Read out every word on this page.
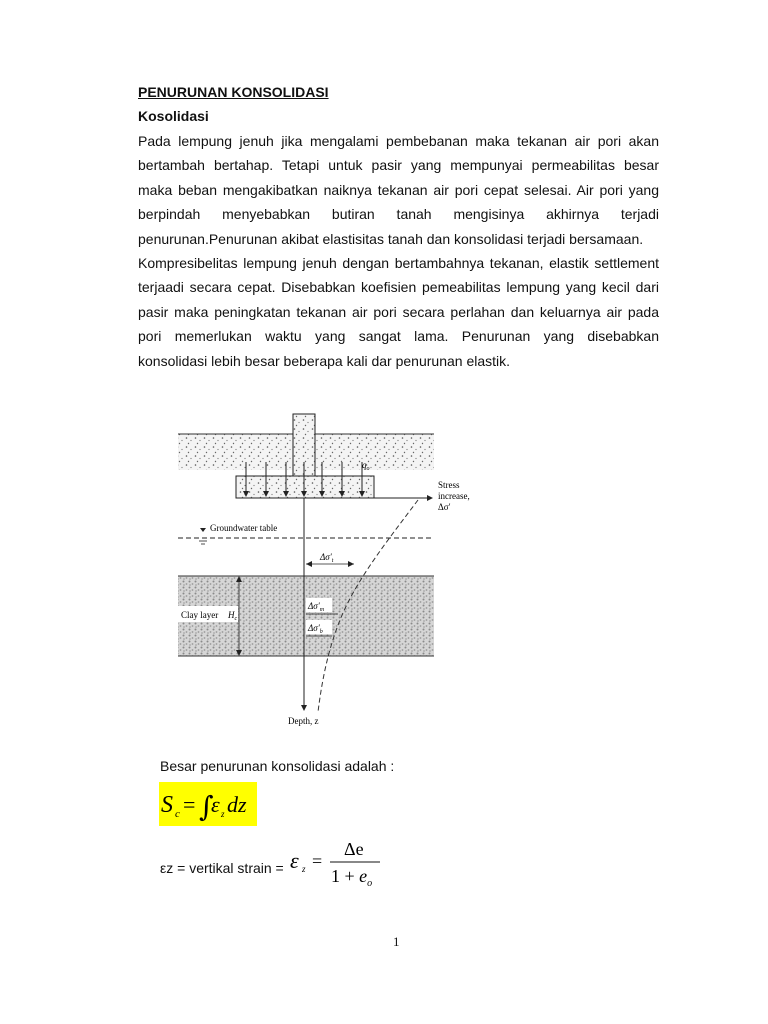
PENURUNAN KONSOLIDASI
Kosolidasi
Pada lempung jenuh jika mengalami pembebanan maka tekanan air pori akan
bertambah bertahap. Tetapi untuk pasir yang mempunyai permeabilitas besar
maka beban mengakibatkan naiknya tekanan air pori cepat selesai. Air pori yang
berpindah menyebabkan butiran tanah mengisinya akhirnya terjadi
penurunan.Penurunan akibat elastisitas tanah dan konsolidasi terjadi bersamaan.
Kompresibelitas lempung jenuh dengan bertambahnya tekanan, elastik settlement
terjaadi secara cepat. Disebabkan koefisien pemeabilitas lempung yang kecil dari
pasir maka peningkatan tekanan air pori secara perlahan dan keluarnya air pada
pori memerlukan waktu yang sangat lama. Penurunan yang disebabkan
konsolidasi lebih besar beberapa kali dar penurunan elastik.
$q_o$
Stress increase, Δσ′
Groundwater table
Clay layer $H_c$
Depth, z
$\Delta\sigma'_t$
$\Delta\sigma'_m$
$\Delta\sigma'_b$
Besar penurunan konsolidasi adalah :
S c = ∫
ε z dz
εz = vertikal strain = ε z =
Δe
$1 + e_o$
1
